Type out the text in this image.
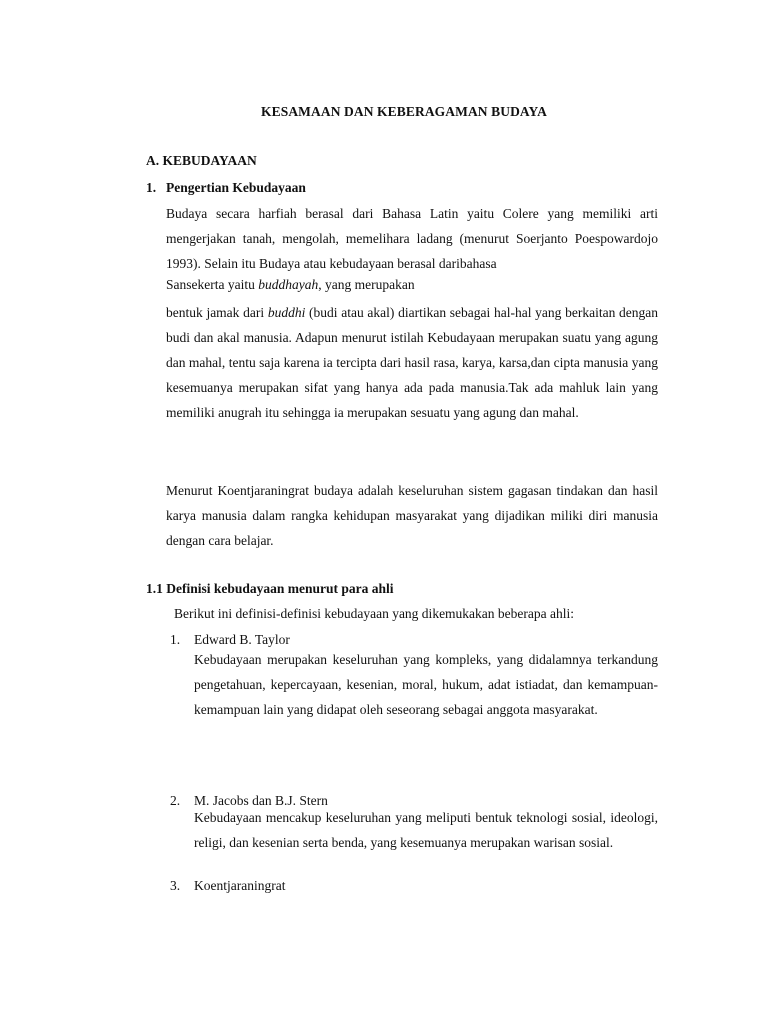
KESAMAAN DAN KEBERAGAMAN BUDAYA
A. KEBUDAYAAN
1. Pengertian Kebudayaan

Budaya secara harfiah berasal dari Bahasa Latin yaitu Colere yang memiliki arti mengerjakan tanah, mengolah, memelihara ladang (menurut Soerjanto Poespowardojo 1993). Selain itu Budaya atau kebudayaan berasal daribahasa

Sansekerta yaitu buddhayah, yang merupakan

bentuk jamak dari buddhi (budi atau akal) diartikan sebagai hal-hal yang berkaitan dengan budi dan akal manusia. Adapun menurut istilah Kebudayaan merupakan suatu yang agung dan mahal, tentu saja karena ia tercipta dari hasil rasa, karya, karsa,dan cipta manusia yang kesemuanya merupakan sifat yang hanya ada pada manusia.Tak ada mahluk lain yang memiliki anugrah itu sehingga ia merupakan sesuatu yang agung dan mahal.

Menurut Koentjaraningrat budaya adalah keseluruhan sistem gagasan tindakan dan hasil karya manusia dalam rangka kehidupan masyarakat yang dijadikan miliki diri manusia dengan cara belajar.

1.1 Definisi kebudayaan menurut para ahli
Berikut ini definisi-definisi kebudayaan yang dikemukakan beberapa ahli:
1. Edward B. Taylor

Kebudayaan merupakan keseluruhan yang kompleks, yang didalamnya terkandung pengetahuan, kepercayaan, kesenian, moral, hukum, adat istiadat, dan kemampuan-kemampuan lain yang didapat oleh seseorang sebagai anggota masyarakat.

2. M. Jacobs dan B.J. Stern

Kebudayaan mencakup keseluruhan yang meliputi bentuk teknologi sosial, ideologi, religi, dan kesenian serta benda, yang kesemuanya merupakan warisan sosial.

3. Koentjaraningrat
